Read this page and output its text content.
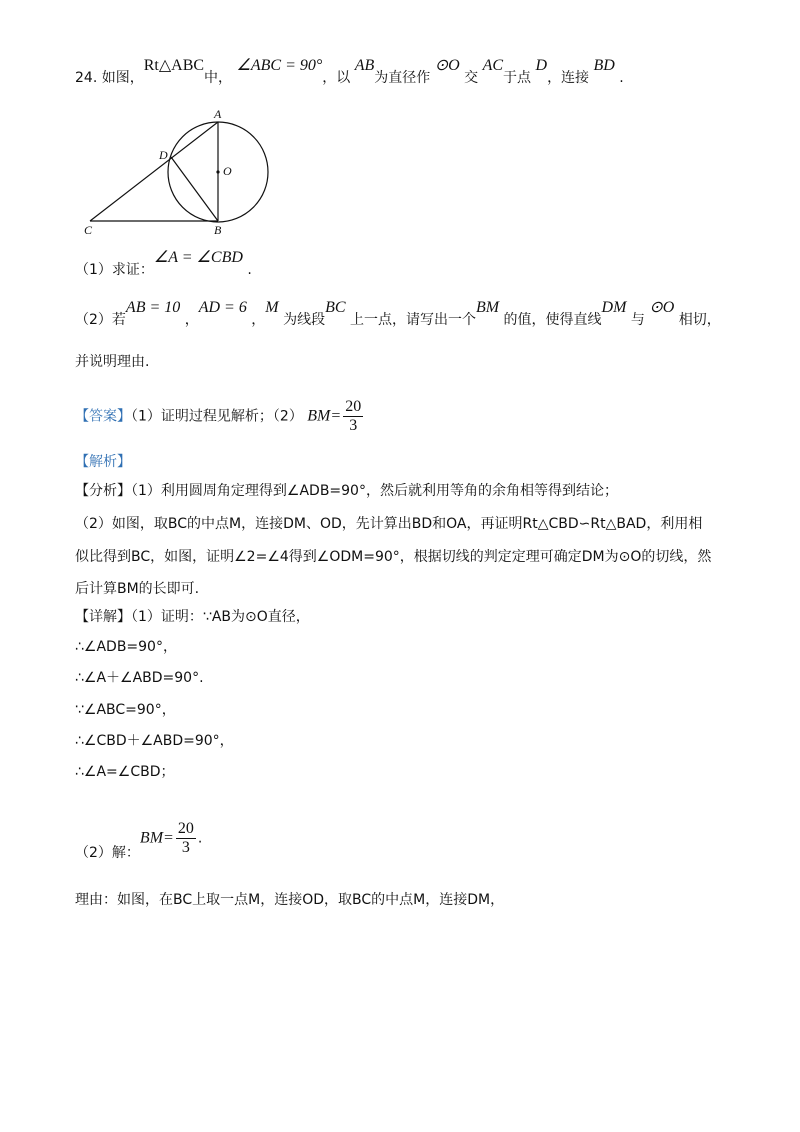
24. 如图，Rt△ABC中， ∠ABC = 90°，以 AB为直径作 ⊙O 交 AC于点 D，连接 BD .
A
D
O
C	B
（1）求证：∠A = ∠CBD .
（2）若AB = 10 ，AD = 6 ，M 为线段BC 上一点，请写出一个BM 的值，使得直线DM 与 ⊙O 相切，
并说明理由.
【答案】（1）证明过程见解析；（2） $BM= \frac{20}{3}$
【解析】
【分析】（1）利用圆周角定理得到∠ADB=90°，然后就利用等角的余角相等得到结论；
（2）如图，取BC的中点M，连接DM、OD，先计算出BD和OA，再证明Rt△CBD∽Rt△BAD，利用相
似比得到BC，如图，证明∠2=∠4得到∠ODM=90°，根据切线的判定定理可确定DM为⊙O的切线，然
后计算BM的长即可.
【详解】（1）证明：∵AB为⊙O直径，
∴∠ADB=90°，
∴∠A＋∠ABD=90°.
∵∠ABC=90°，
∴∠CBD＋∠ABD=90°，
∴∠A=∠CBD；
（2）解：$BM= \frac{20}{3}$ .
理由：如图，在BC上取一点M，连接OD，取BC的中点M，连接DM，
